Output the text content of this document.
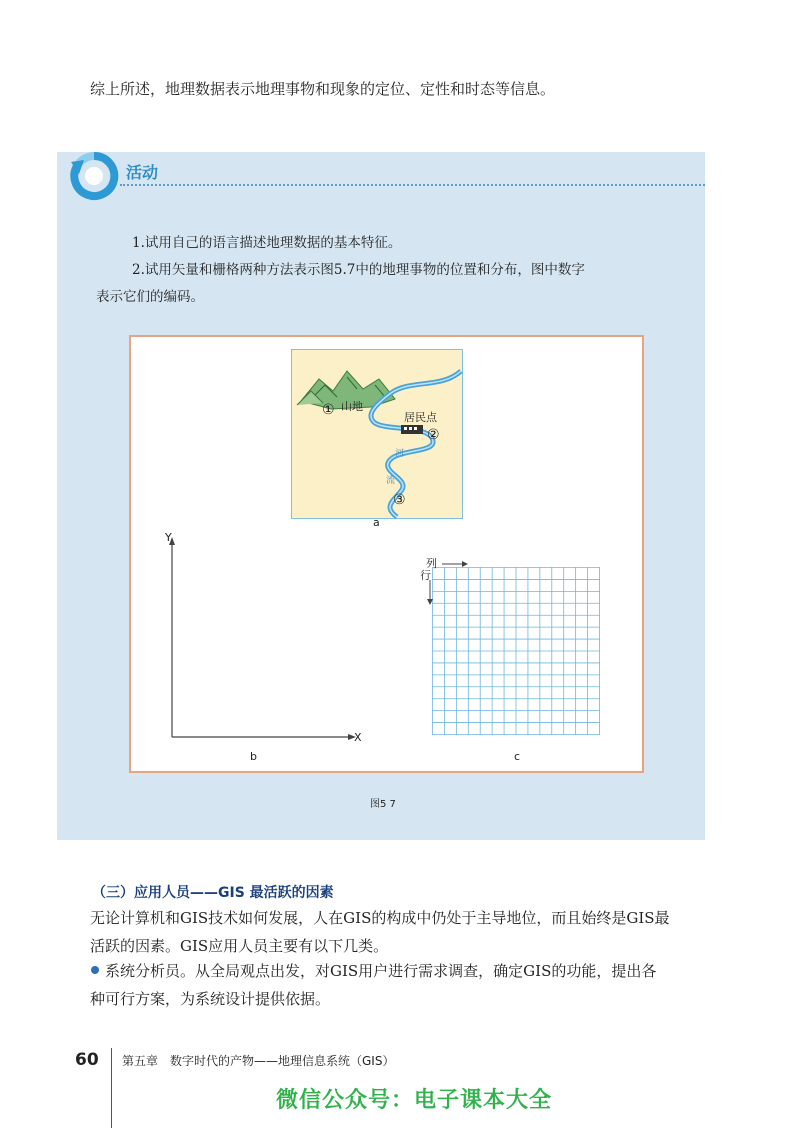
综上所述，地理数据表示地理事物和现象的定位、定性和时态等信息。
活动
1.试用自己的语言描述地理数据的基本特征。
2.试用矢量和栅格两种方法表示图5.7中的地理事物的位置和分布，图中数字
表示它们的编码。
山地
①	居民点
②
河
流
③
a
Y
X
b
列
行
c
图5 7
（三）应用人员——GIS 最活跃的因素
无论计算机和GIS技术如何发展，人在GIS的构成中仍处于主导地位，而且始终是GIS最
活跃的因素。GIS应用人员主要有以下几类。
系统分析员。从全局观点出发，对GIS用户进行需求调查，确定GIS的功能，提出各
种可行方案，为系统设计提供依据。
60 第五章　数字时代的产物——地理信息系统（GIS）
微信公众号：电子课本大全
